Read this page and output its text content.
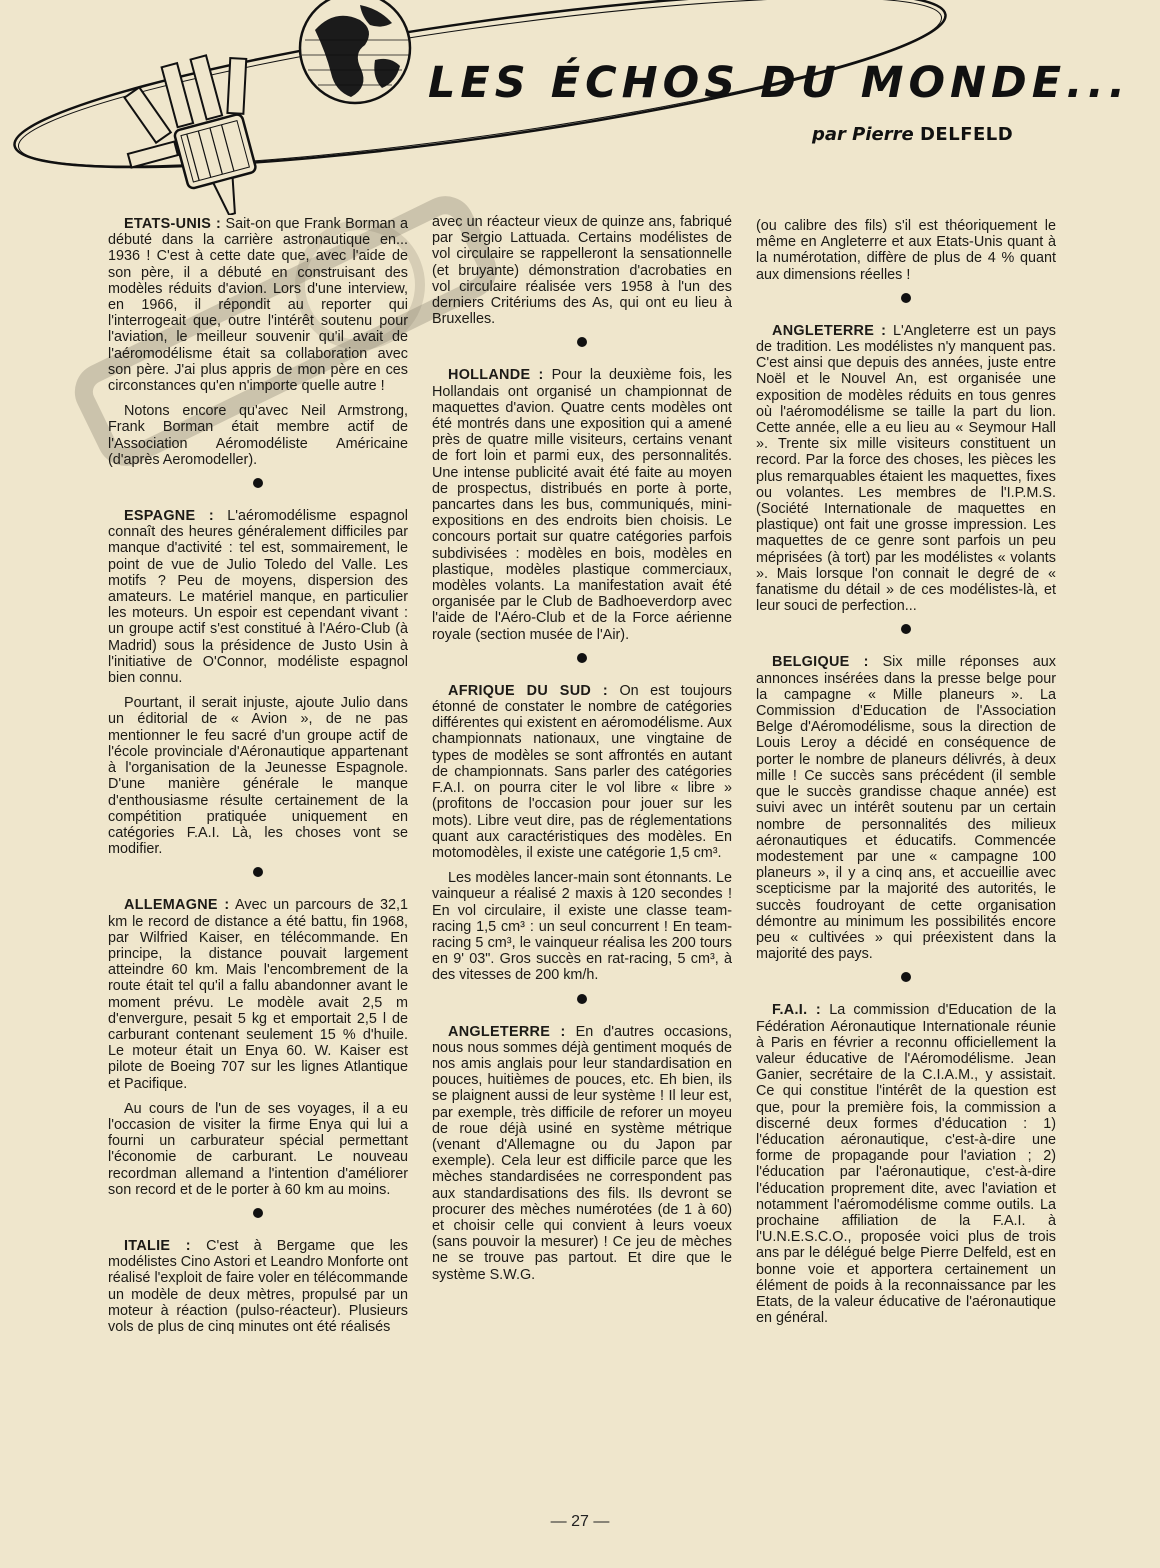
LES ÉCHOS DU MONDE...
par Pierre DELFELD

ETATS-UNIS : Sait-on que Frank Borman a débuté dans la carrière astronautique en... 1936 ! C'est à cette date que, avec l'aide de son père, il a débuté en construisant des modèles réduits d'avion. Lors d'une interview, en 1966, il répondit au reporter qui l'interrogeait que, outre l'intérêt soutenu pour l'aviation, le meilleur souvenir qu'il avait de l'aéromodélisme était sa collaboration avec son père. J'ai plus appris de mon père en ces circonstances qu'en n'importe quelle autre !

Notons encore qu'avec Neil Armstrong, Frank Borman était membre actif de l'Association Aéromodéliste Américaine (d'après Aeromodeller).

ESPAGNE : L'aéromodélisme espagnol connaît des heures généralement difficiles par manque d'activité : tel est, sommairement, le point de vue de Julio Toledo del Valle. Les motifs ? Peu de moyens, dispersion des amateurs. Le matériel manque, en particulier les moteurs. Un espoir est cependant vivant : un groupe actif s'est constitué à l'Aéro-Club (à Madrid) sous la présidence de Justo Usin à l'initiative de O'Connor, modéliste espagnol bien connu.

Pourtant, il serait injuste, ajoute Julio dans un éditorial de « Avion », de ne pas mentionner le feu sacré d'un groupe actif de l'école provinciale d'Aéronautique appartenant à l'organisation de la Jeunesse Espagnole. D'une manière générale le manque d'enthousiasme résulte certainement de la compétition pratiquée uniquement en catégories F.A.I. Là, les choses vont se modifier.

ALLEMAGNE : Avec un parcours de 32,1 km le record de distance a été battu, fin 1968, par Wilfried Kaiser, en télécommande. En principe, la distance pouvait largement atteindre 60 km. Mais l'encombrement de la route était tel qu'il a fallu abandonner avant le moment prévu. Le modèle avait 2,5 m d'envergure, pesait 5 kg et emportait 2,5 l de carburant contenant seulement 15 % d'huile. Le moteur était un Enya 60. W. Kaiser est pilote de Boeing 707 sur les lignes Atlantique et Pacifique.

Au cours de l'un de ses voyages, il a eu l'occasion de visiter la firme Enya qui lui a fourni un carburateur spécial permettant l'économie de carburant. Le nouveau recordman allemand a l'intention d'améliorer son record et de le porter à 60 km au moins.

ITALIE : C'est à Bergame que les modélistes Cino Astori et Leandro Monforte ont réalisé l'exploit de faire voler en télécommande un modèle de deux mètres, propulsé par un moteur à réaction (pulso-réacteur). Plusieurs vols de plus de cinq minutes ont été réalisés

avec un réacteur vieux de quinze ans, fabriqué par Sergio Lattuada. Certains modélistes de vol circulaire se rappelleront la sensationnelle (et bruyante) démonstration d'acrobaties en vol circulaire réalisée vers 1958 à l'un des derniers Critériums des As, qui ont eu lieu à Bruxelles.

HOLLANDE : Pour la deuxième fois, les Hollandais ont organisé un championnat de maquettes d'avion. Quatre cents modèles ont été montrés dans une exposition qui a amené près de quatre mille visiteurs, certains venant de fort loin et parmi eux, des personnalités. Une intense publicité avait été faite au moyen de prospectus, distribués en porte à porte, pancartes dans les bus, communiqués, mini-expositions en des endroits bien choisis. Le concours portait sur quatre catégories parfois subdivisées : modèles en bois, modèles en plastique, modèles plastique commerciaux, modèles volants. La manifestation avait été organisée par le Club de Badhoeverdorp avec l'aide de l'Aéro-Club et de la Force aérienne royale (section musée de l'Air).

AFRIQUE DU SUD : On est toujours étonné de constater le nombre de catégories différentes qui existent en aéromodélisme. Aux championnats nationaux, une vingtaine de types de modèles se sont affrontés en autant de championnats. Sans parler des catégories F.A.I. on pourra citer le vol libre « libre » (profitons de l'occasion pour jouer sur les mots). Libre veut dire, pas de réglementations quant aux caractéristiques des modèles. En motomodèles, il existe une catégorie 1,5 cm³.

Les modèles lancer-main sont étonnants. Le vainqueur a réalisé 2 maxis à 120 secondes ! En vol circulaire, il existe une classe team-racing 1,5 cm³ : un seul concurrent ! En team-racing 5 cm³, le vainqueur réalisa les 200 tours en 9' 03". Gros succès en rat-racing, 5 cm³, à des vitesses de 200 km/h.

ANGLETERRE : En d'autres occasions, nous nous sommes déjà gentiment moqués de nos amis anglais pour leur standardisation en pouces, huitièmes de pouces, etc. Eh bien, ils se plaignent aussi de leur système ! Il leur est, par exemple, très difficile de reforer un moyeu de roue déjà usiné en système métrique (venant d'Allemagne ou du Japon par exemple). Cela leur est difficile parce que les mèches standardisées ne correspondent pas aux standardisations des fils. Ils devront se procurer des mèches numérotées (de 1 à 60) et choisir celle qui convient à leurs voeux (sans pouvoir la mesurer) ! Ce jeu de mèches ne se trouve pas partout. Et dire que le système S.W.G.

(ou calibre des fils) s'il est théoriquement le même en Angleterre et aux Etats-Unis quant à la numérotation, diffère de plus de 4 % quant aux dimensions réelles !

ANGLETERRE : L'Angleterre est un pays de tradition. Les modélistes n'y manquent pas. C'est ainsi que depuis des années, juste entre Noël et le Nouvel An, est organisée une exposition de modèles réduits en tous genres où l'aéromodélisme se taille la part du lion. Cette année, elle a eu lieu au « Seymour Hall ». Trente six mille visiteurs constituent un record. Par la force des choses, les pièces les plus remarquables étaient les maquettes, fixes ou volantes. Les membres de l'I.P.M.S. (Société Internationale de maquettes en plastique) ont fait une grosse impression. Les maquettes de ce genre sont parfois un peu méprisées (à tort) par les modélistes « volants ». Mais lorsque l'on connait le degré de « fanatisme du détail » de ces modélistes-là, et leur souci de perfection...

BELGIQUE : Six mille réponses aux annonces insérées dans la presse belge pour la campagne « Mille planeurs ». La Commission d'Education de l'Association Belge d'Aéromodélisme, sous la direction de Louis Leroy a décidé en conséquence de porter le nombre de planeurs délivrés, à deux mille ! Ce succès sans précédent (il semble que le succès grandisse chaque année) est suivi avec un intérêt soutenu par un certain nombre de personnalités des milieux aéronautiques et éducatifs. Commencée modestement par une « campagne 100 planeurs », il y a cinq ans, et accueillie avec scepticisme par la majorité des autorités, le succès foudroyant de cette organisation démontre au minimum les possibilités encore peu « cultivées » qui préexistent dans la majorité des pays.

F.A.I. : La commission d'Education de la Fédération Aéronautique Internationale réunie à Paris en février a reconnu officiellement la valeur éducative de l'Aéromodélisme. Jean Ganier, secrétaire de la C.I.A.M., y assistait. Ce qui constitue l'intérêt de la question est que, pour la première fois, la commission a discerné deux formes d'éducation : 1) l'éducation aéronautique, c'est-à-dire une forme de propagande pour l'aviation ; 2) l'éducation par l'aéronautique, c'est-à-dire l'éducation proprement dite, avec l'aviation et notamment l'aéromodélisme comme outils. La prochaine affiliation de la F.A.I. à l'U.N.E.S.C.O., proposée voici plus de trois ans par le délégué belge Pierre Delfeld, est en bonne voie et apportera certainement un élément de poids à la reconnaissance par les Etats, de la valeur éducative de l'aéronautique en général.

— 27 —
